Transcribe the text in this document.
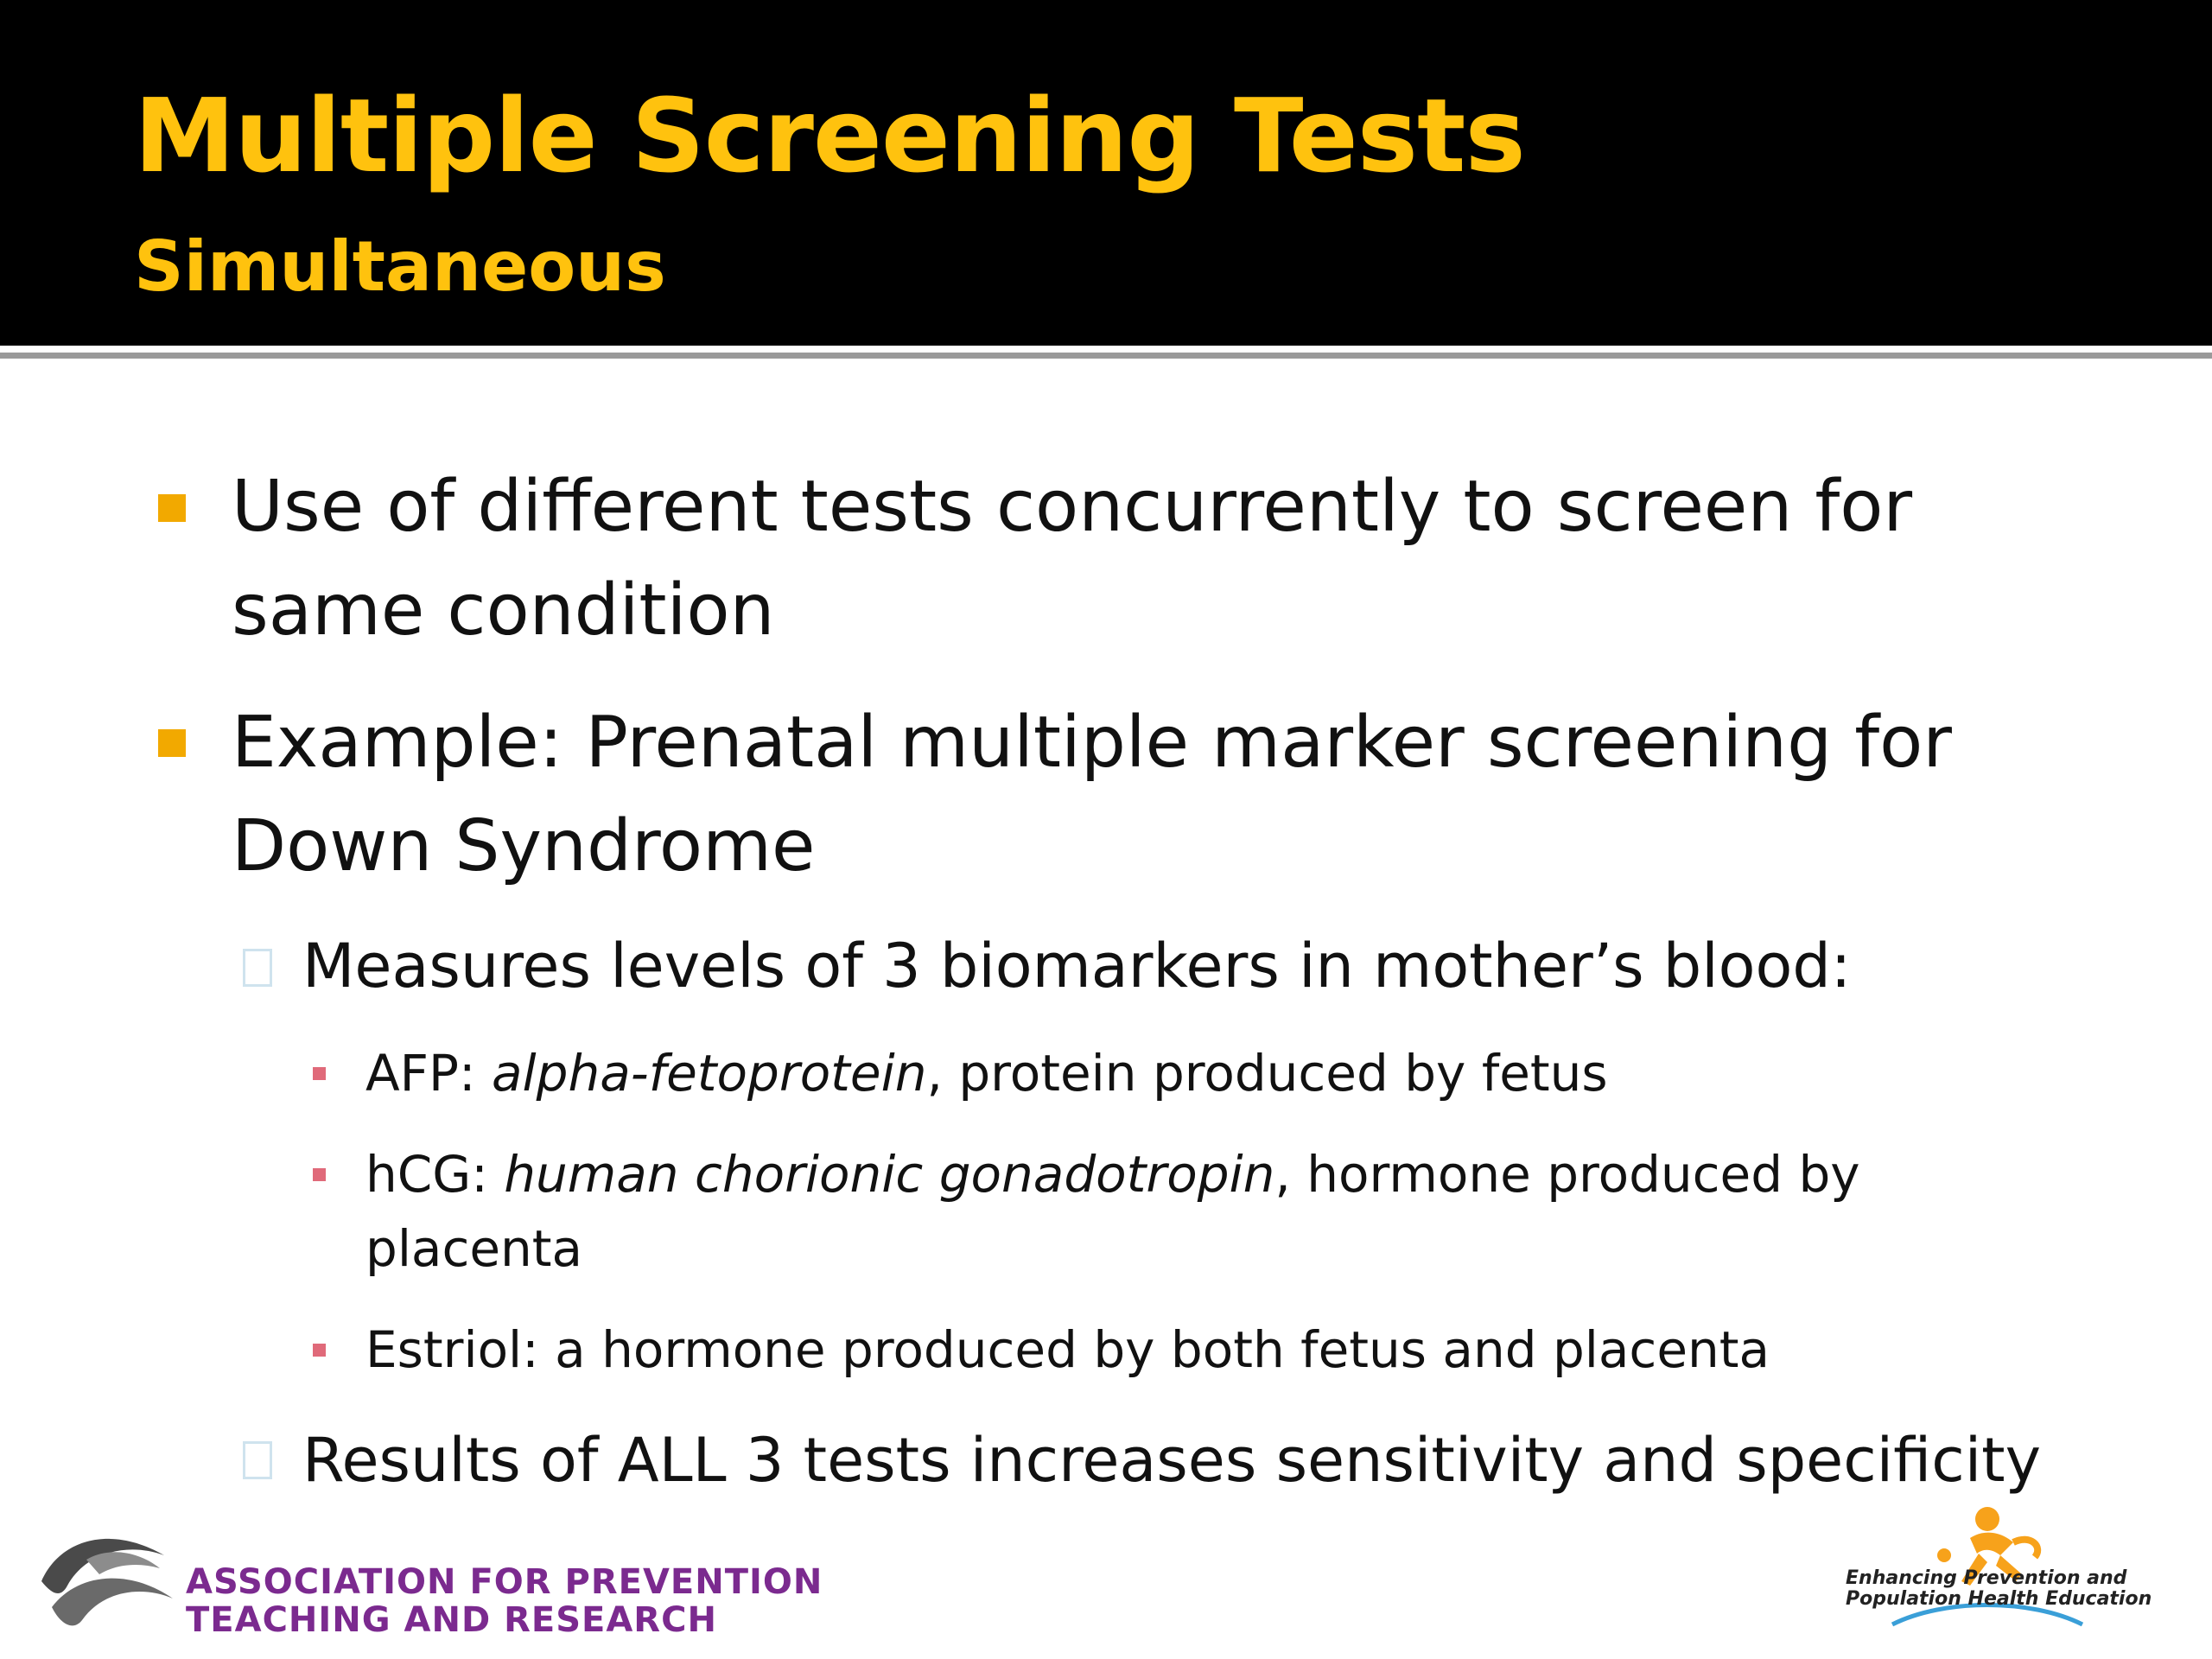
Multiple Screening Tests
Simultaneous

Use of different tests concurrently to screen for
same condition

Example: Prenatal multiple marker screening for
Down Syndrome

Measures levels of 3 biomarkers in mother’s blood:

AFP: alpha-fetoprotein, protein produced by fetus

hCG: human chorionic gonadotropin, hormone produced by
placenta

Estriol: a hormone produced by both fetus and placenta

Results of ALL 3 tests increases sensitivity and specificity

ASSOCIATION FOR PREVENTION
TEACHING AND RESEARCH
Enhancing Prevention and
Population Health Education
